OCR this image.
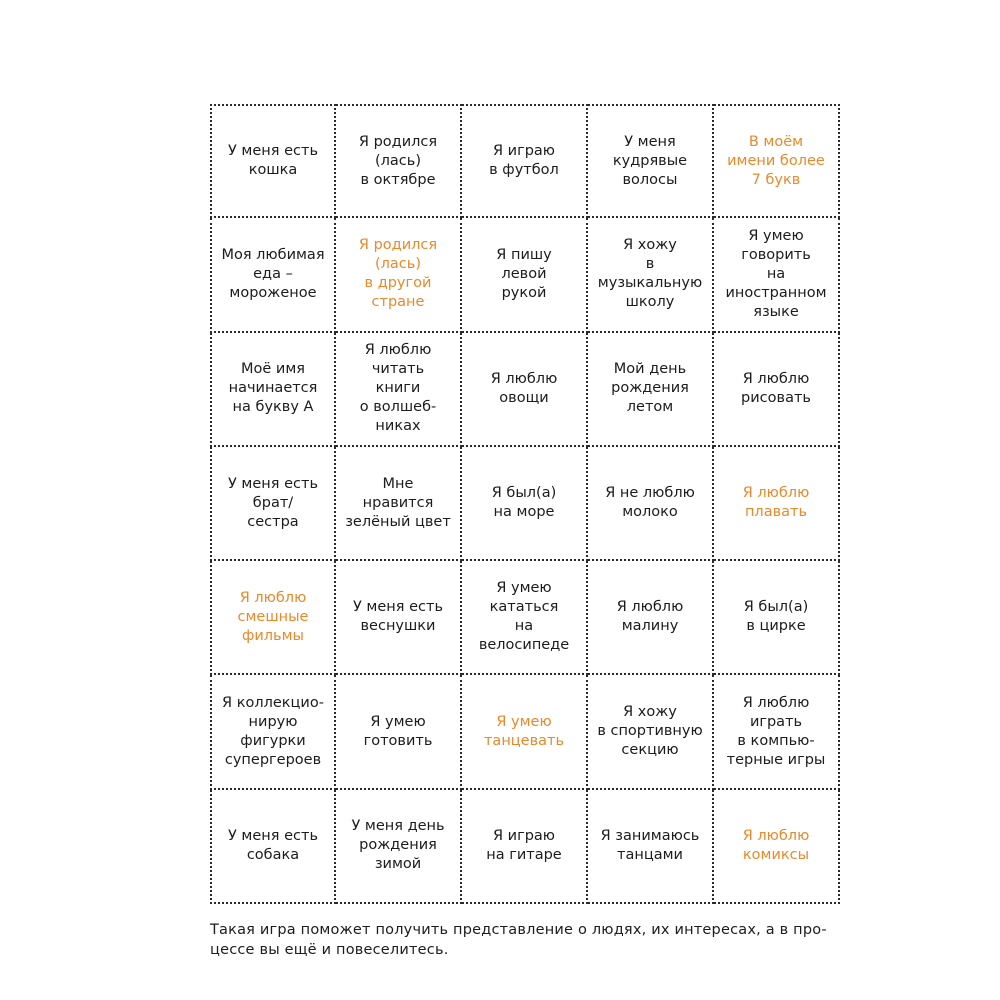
У меня есть
кошка
Я родился
(лась)
в октябре
Я играю
в футбол
У меня
кудрявые
волосы
В моём
имени более
7 букв
Моя любимая
еда –
мороженое
Я родился
(лась)
в другой
стране
Я пишу
левой
рукой
Я хожу
в
музыкальную
школу
Я умею
говорить
на
иностранном
языке
Моё имя
начинается
на букву А
Я люблю
читать
книги
о волшеб-
никах
Я люблю
овощи
Мой день
рождения
летом
Я люблю
рисовать
У меня есть
брат/
сестра
Мне
нравится
зелёный цвет
Я был(а)
на море
Я не люблю
молоко
Я люблю
плавать
Я люблю
смешные
фильмы
У меня есть
веснушки
Я умею
кататься
на
велосипеде
Я люблю
малину
Я был(а)
в цирке
Я коллекцио-
нирую
фигурки
супергероев
Я умею
готовить
Я умею
танцевать
Я хожу
в спортивную
секцию
Я люблю играть
в компью-
терные игры
У меня есть
собака
У меня день
рождения
зимой
Я играю
на гитаре
Я занимаюсь
танцами
Я люблю
комиксы
Такая игра поможет получить представление о людях, их интересах, а в про-
цессе вы ещё и повеселитесь.
